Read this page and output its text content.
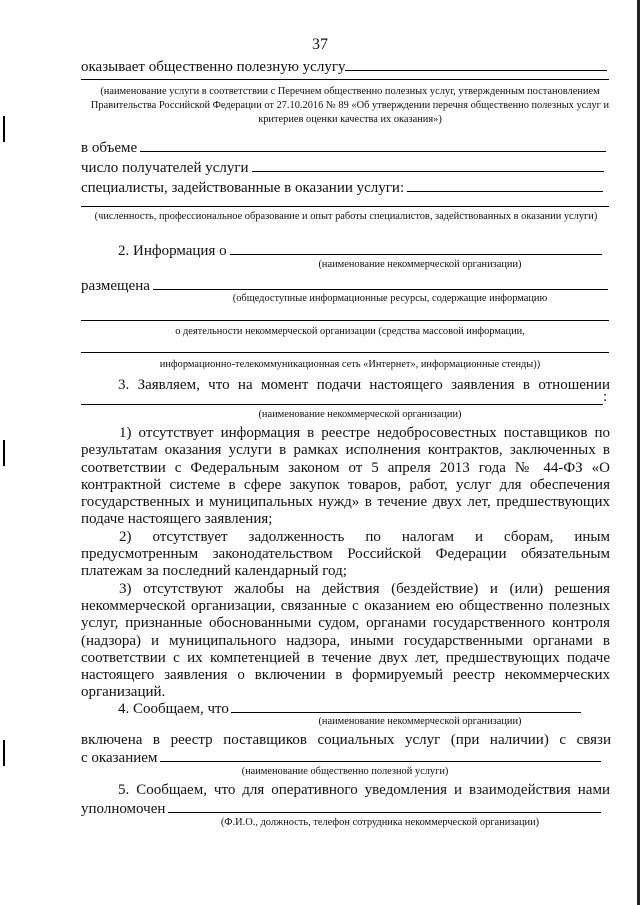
37
оказывает общественно полезную услугу
(наименование услуги в соответствии с Перечнем общественно полезных услуг, утвержденным постановлением Правительства Российской Федерации от 27.10.2016 № 89 «Об утверждении перечня общественно полезных услуг и критериев оценки качества их оказания»)
в объеме
число получателей услуги
специалисты, задействованные в оказании услуги:
(численность, профессиональное образование и опыт работы специалистов, задействованных в оказании услуги)
2. Информация о
(наименование некоммерческой организации)
размещена
(общедоступные информационные ресурсы, содержащие информацию
о деятельности некоммерческой организации (средства массовой информации,
информационно-телекоммуникационная сеть «Интернет», информационные стенды))
3. Заявляем, что на момент подачи настоящего заявления в отношении
:
(наименование некоммерческой организации)

1) отсутствует информация в реестре недобросовестных поставщиков по результатам оказания услуги в рамках исполнения контрактов, заключенных в соответствии с Федеральным законом от 5 апреля 2013 года № 44-ФЗ «О контрактной системе в сфере закупок товаров, работ, услуг для обеспечения государственных и муниципальных нужд» в течение двух лет, предшествующих подаче настоящего заявления;

2) отсутствует задолженность по налогам и сборам, иным предусмотренным законодательством Российской Федерации обязательным платежам за последний календарный год;

3) отсутствуют жалобы на действия (бездействие) и (или) решения некоммерческой организации, связанные с оказанием ею общественно полезных услуг, признанные обоснованными судом, органами государственного контроля (надзора) и муниципального надзора, иными государственными органами в соответствии с их компетенцией в течение двух лет, предшествующих подаче настоящего заявления о включении в формируемый реестр некоммерческих организаций.

4. Сообщаем, что
(наименование некоммерческой организации)
включена в реестр поставщиков социальных услуг (при наличии) с связи
с оказанием
(наименование общественно полезной услуги)
5. Сообщаем, что для оперативного уведомления и взаимодействия нами
уполномочен
(Ф.И.О., должность, телефон сотрудника некоммерческой организации)
